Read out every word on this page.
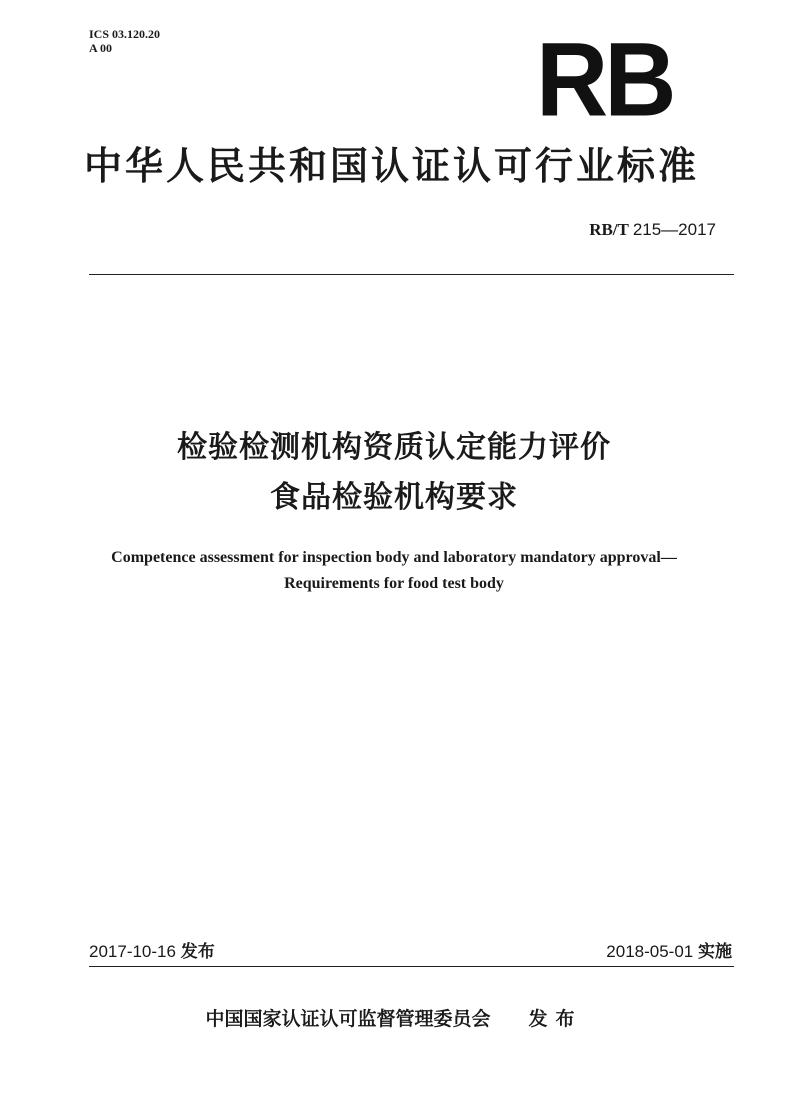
ICS 03.120.20
A 00	RB
中华人民共和国认证认可行业标准
RB/T 215—2017
检验检测机构资质认定能力评价
食品检验机构要求
Competence assessment for inspection body and laboratory mandatory approval—
Requirements for food test body
2017-10-16 发布	2018-05-01 实施
中国国家认证认可监督管理委员会 发布
